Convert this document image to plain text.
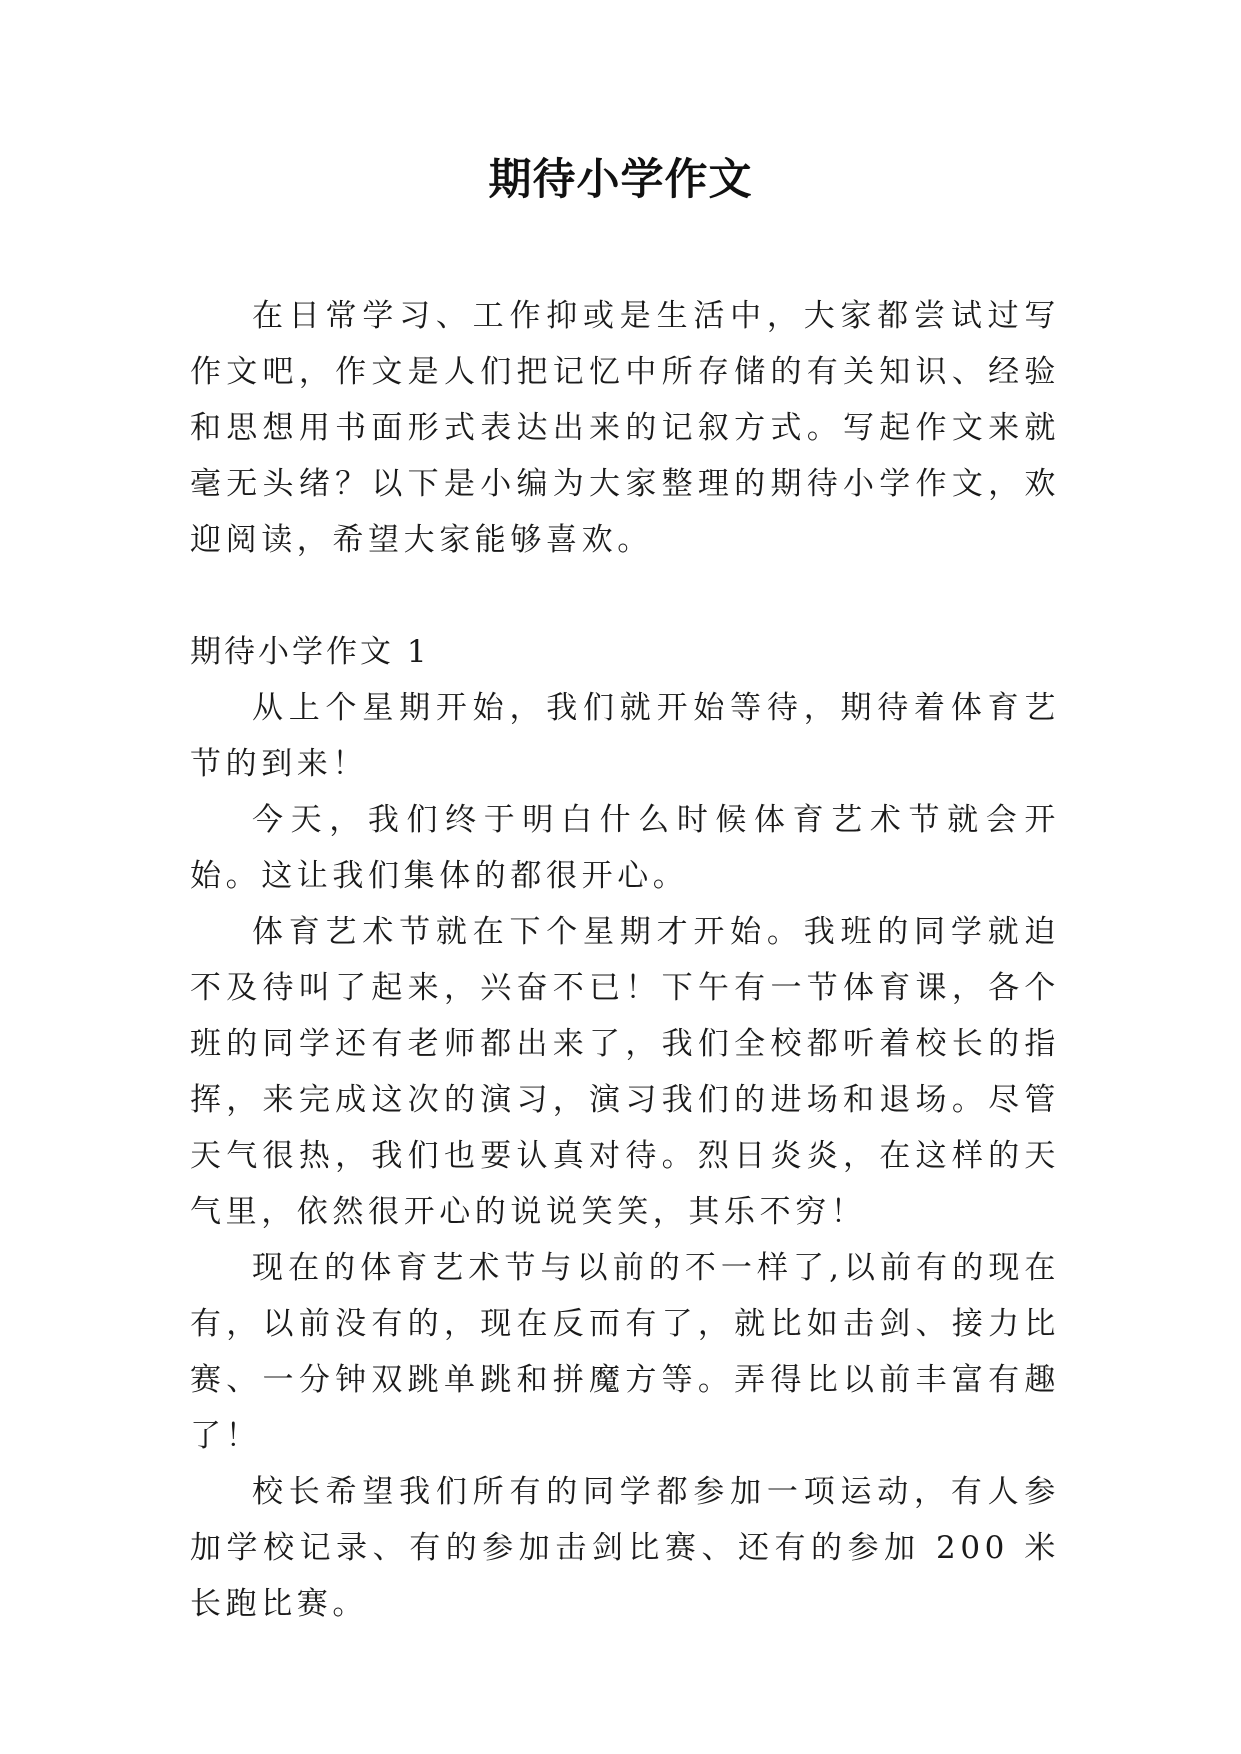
期待小学作文

在日常学习、工作抑或是生活中，大家都尝试过写作文吧，作文是人们把记忆中所存储的有关知识、经验和思想用书面形式表达出来的记叙方式。写起作文来就毫无头绪？以下是小编为大家整理的期待小学作文，欢迎阅读，希望大家能够喜欢。

期待小学作文 1

从上个星期开始，我们就开始等待，期待着体育艺节的到来！

今天，我们终于明白什么时候体育艺术节就会开始。这让我们集体的都很开心。

体育艺术节就在下个星期才开始。我班的同学就迫不及待叫了起来，兴奋不已！下午有一节体育课，各个班的同学还有老师都出来了，我们全校都听着校长的指挥，来完成这次的演习，演习我们的进场和退场。尽管天气很热，我们也要认真对待。烈日炎炎，在这样的天气里，依然很开心的说说笑笑，其乐不穷！

现在的体育艺术节与以前的不一样了,以前有的现在有，以前没有的，现在反而有了，就比如击剑、接力比赛、一分钟双跳单跳和拼魔方等。弄得比以前丰富有趣了！

校长希望我们所有的同学都参加一项运动，有人参加学校记录、有的参加击剑比赛、还有的参加 200 米长跑比赛。
